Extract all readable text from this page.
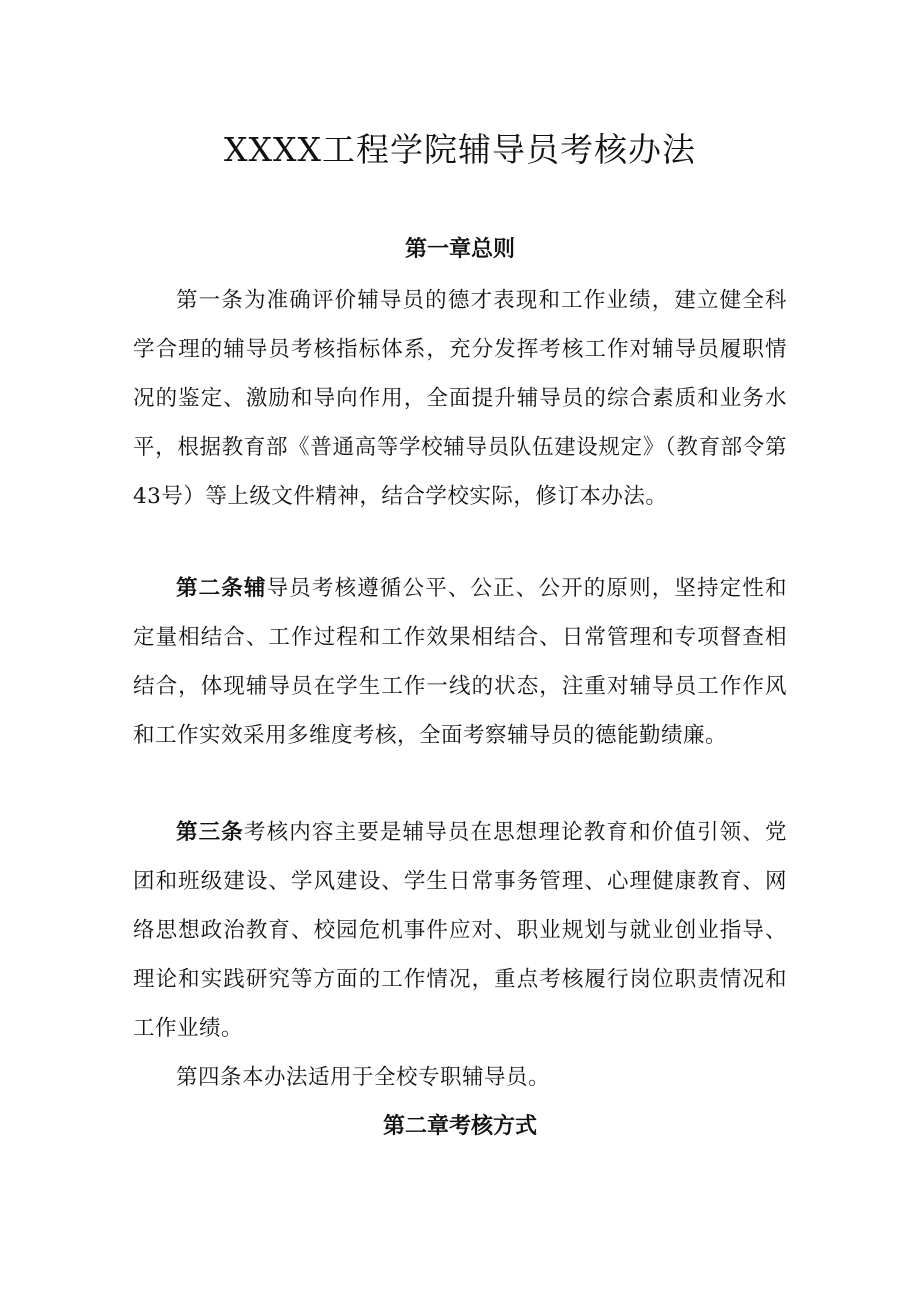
XXXX工程学院辅导员考核办法
第一章总则

第一条为准确评价辅导员的德才表现和工作业绩，建立健全科学合理的辅导员考核指标体系，充分发挥考核工作对辅导员履职情况的鉴定、激励和导向作用，全面提升辅导员的综合素质和业务水平，根据教育部《普通高等学校辅导员队伍建设规定》（教育部令第43号）等上级文件精神，结合学校实际，修订本办法。

第二条辅导员考核遵循公平、公正、公开的原则，坚持定性和定量相结合、工作过程和工作效果相结合、日常管理和专项督查相结合，体现辅导员在学生工作一线的状态，注重对辅导员工作作风和工作实效采用多维度考核，全面考察辅导员的德能勤绩廉。

第三条考核内容主要是辅导员在思想理论教育和价值引领、党团和班级建设、学风建设、学生日常事务管理、心理健康教育、网络思想政治教育、校园危机事件应对、职业规划与就业创业指导、理论和实践研究等方面的工作情况，重点考核履行岗位职责情况和工作业绩。

第四条本办法适用于全校专职辅导员。

第二章考核方式
